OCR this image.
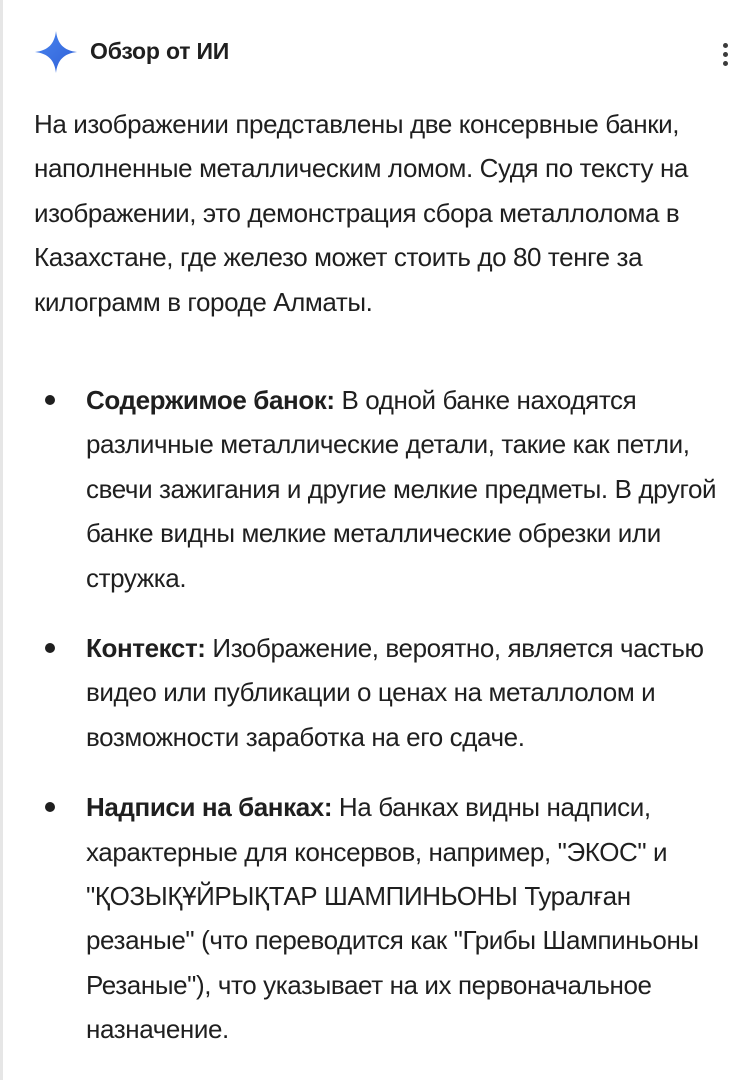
Обзор от ИИ

На изображении представлены две консервные банки, наполненные металлическим ломом. Судя по тексту на изображении, это демонстрация сбора металлолома в Казахстане, где железо может стоить до 80 тенге за килограмм в городе Алматы.

Содержимое банок: В одной банке находятся различные металлические детали, такие как петли, свечи зажигания и другие мелкие предметы. В другой банке видны мелкие металлические обрезки или стружка.
Контекст: Изображение, вероятно, является частью видео или публикации о ценах на металлолом и возможности заработка на его сдаче.
Надписи на банках: На банках видны надписи, характерные для консервов, например, "ЭКОС" и "ҚОЗЫҚҰЙРЫҚТАР ШАМПИНЬОНЫ Туралған резаные" (что переводится как "Грибы Шампиньоны Резаные"), что указывает на их первоначальное назначение.
